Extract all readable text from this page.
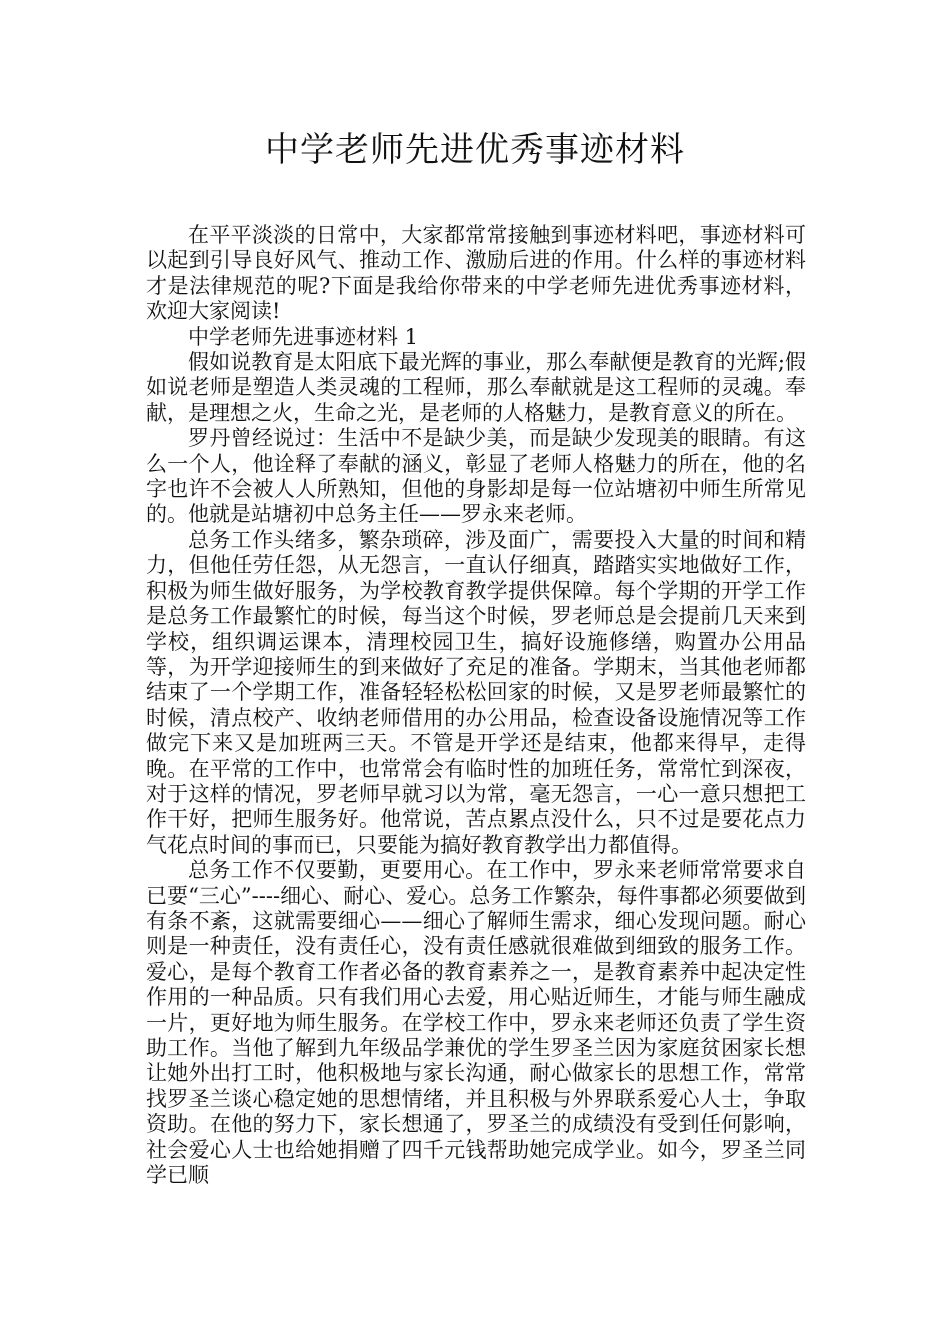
中学老师先进优秀事迹材料

在平平淡淡的日常中，大家都常常接触到事迹材料吧，事迹材料可以起到引导良好风气、推动工作、激励后进的作用。什么样的事迹材料才是法律规范的呢?下面是我给你带来的中学老师先进优秀事迹材料，欢迎大家阅读!

中学老师先进事迹材料 1

假如说教育是太阳底下最光辉的事业，那么奉献便是教育的光辉;假如说老师是塑造人类灵魂的工程师，那么奉献就是这工程师的灵魂。奉献，是理想之火，生命之光，是老师的人格魅力，是教育意义的所在。

罗丹曾经说过：生活中不是缺少美，而是缺少发现美的眼睛。有这么一个人，他诠释了奉献的涵义，彰显了老师人格魅力的所在，他的名字也许不会被人人所熟知，但他的身影却是每一位站塘初中师生所常见的。他就是站塘初中总务主任——罗永来老师。

总务工作头绪多，繁杂琐碎，涉及面广，需要投入大量的时间和精力，但他任劳任怨，从无怨言，一直认仔细真，踏踏实实地做好工作，积极为师生做好服务，为学校教育教学提供保障。每个学期的开学工作是总务工作最繁忙的时候，每当这个时候，罗老师总是会提前几天来到学校，组织调运课本，清理校园卫生，搞好设施修缮，购置办公用品等，为开学迎接师生的到来做好了充足的准备。学期末，当其他老师都结束了一个学期工作，准备轻轻松松回家的时候，又是罗老师最繁忙的时候，清点校产、收纳老师借用的办公用品，检查设备设施情况等工作做完下来又是加班两三天。不管是开学还是结束，他都来得早，走得晚。在平常的工作中，也常常会有临时性的加班任务，常常忙到深夜，对于这样的情况，罗老师早就习以为常，毫无怨言，一心一意只想把工作干好，把师生服务好。他常说，苦点累点没什么，只不过是要花点力气花点时间的事而已，只要能为搞好教育教学出力都值得。

总务工作不仅要勤，更要用心。在工作中，罗永来老师常常要求自已要“三心”----细心、耐心、爱心。总务工作繁杂，每件事都必须要做到有条不紊，这就需要细心——细心了解师生需求，细心发现问题。耐心则是一种责任，没有责任心，没有责任感就很难做到细致的服务工作。爱心，是每个教育工作者必备的教育素养之一，是教育素养中起决定性作用的一种品质。只有我们用心去爱，用心贴近师生，才能与师生融成一片，更好地为师生服务。在学校工作中，罗永来老师还负责了学生资助工作。当他了解到九年级品学兼优的学生罗圣兰因为家庭贫困家长想让她外出打工时，他积极地与家长沟通，耐心做家长的思想工作，常常找罗圣兰谈心稳定她的思想情绪，并且积极与外界联系爱心人士，争取资助。在他的努力下，家长想通了，罗圣兰的成绩没有受到任何影响，社会爱心人士也给她捐赠了四千元钱帮助她完成学业。如今，罗圣兰同学已顺
